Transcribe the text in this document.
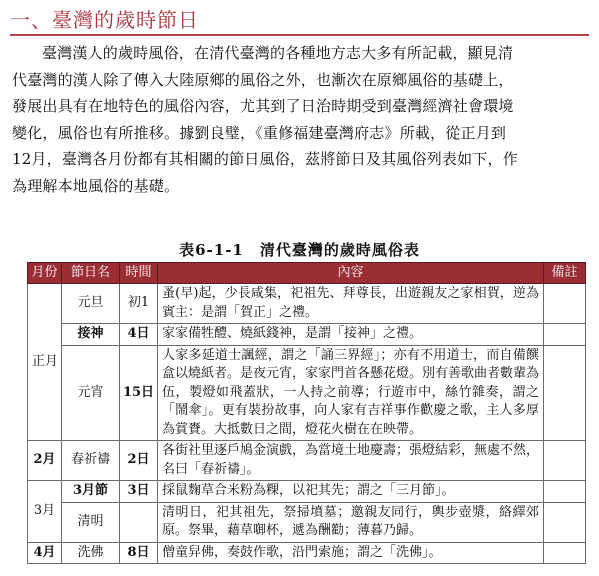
一、臺灣的歲時節日
臺灣漢人的歲時風俗，在清代臺灣的各種地方志大多有所記載，顯見清
代臺灣的漢人除了傳入大陸原鄉的風俗之外，也漸次在原鄉風俗的基礎上，
發展出具有在地特色的風俗內容，尤其到了日治時期受到臺灣經濟社會環境
變化，風俗也有所推移。據劉良璧，《重修福建臺灣府志》所載，從正月到
12月，臺灣各月份都有其相關的節日風俗，茲將節日及其風俗列表如下，作
為理解本地風俗的基礎。
表6-1-1　清代臺灣的歲時風俗表
月份	節日名	時間	內容	備註
正月	元旦	初1	蚤(早)起，少長咸集，祀祖先、拜尊長，出遊親友之家相賀，逆為賓主：是謂「賀正」之禮。	
	接神	4日	家家備牲醴、燒紙錢神，是謂「接神」之禮。	
	元宵	15日	人家多延道士諷經，謂之「誦三界經」；亦有不用道士，而自備饌盒以燒紙者。是夜元宵，家家門首各懸花燈。別有善歌曲者數輩為伍，製燈如飛蓋狀，一人持之前導；行遊市中，絲竹雜奏，謂之「鬧傘」。更有裝扮故事，向人家有吉祥事作歡慶之歌，主人多厚為賞賚。大抵數日之間，燈花火樹在在映帶。	
2月	春祈禱	2日	各街社里逐戶鳩金演戲，為當境土地慶壽；張燈結彩，無處不然，名曰「春祈禱」。	
3月	3月節	3日	採鼠麴草合米粉為粿，以祀其先；謂之「三月節」。	
	清明		清明日，祀其祖先，祭掃墳墓；邀親友同行，輿步壺漿，絡繹郊原。祭畢，藉草啣杯，遞為酬勸；薄暮乃歸。	
4月	洗佛	8日	僧童舁佛，奏鼓作歌，沿門索施；謂之「洗佛」。	
